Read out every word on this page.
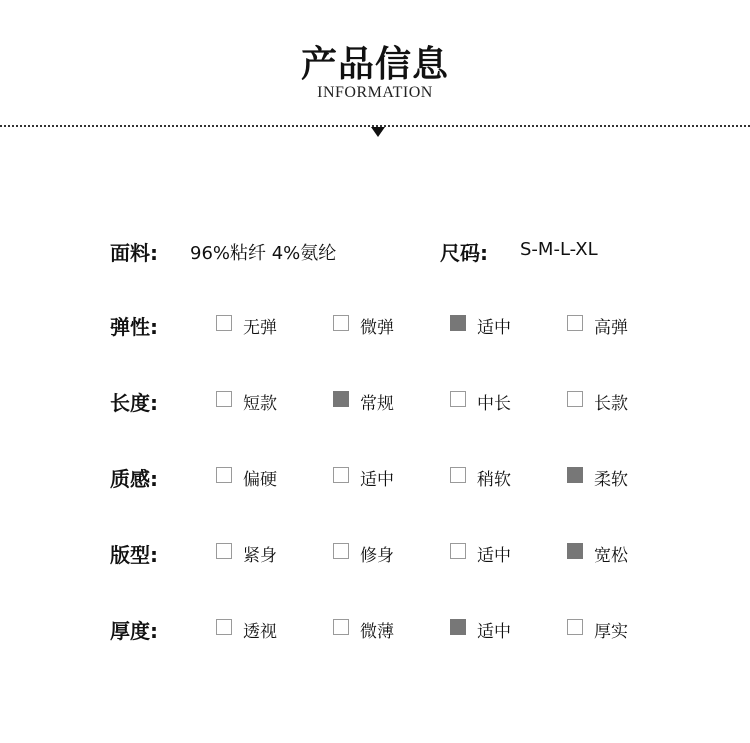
产品信息
INFORMATION
面料: 96%粘纤 4%氨纶	尺码: S-M-L-XL
弹性:	无弹	微弹	适中	高弹
长度:	短款	常规	中长	长款
质感:	偏硬	适中	稍软	柔软
版型:	紧身	修身	适中	宽松
厚度:	透视	微薄	适中	厚实
